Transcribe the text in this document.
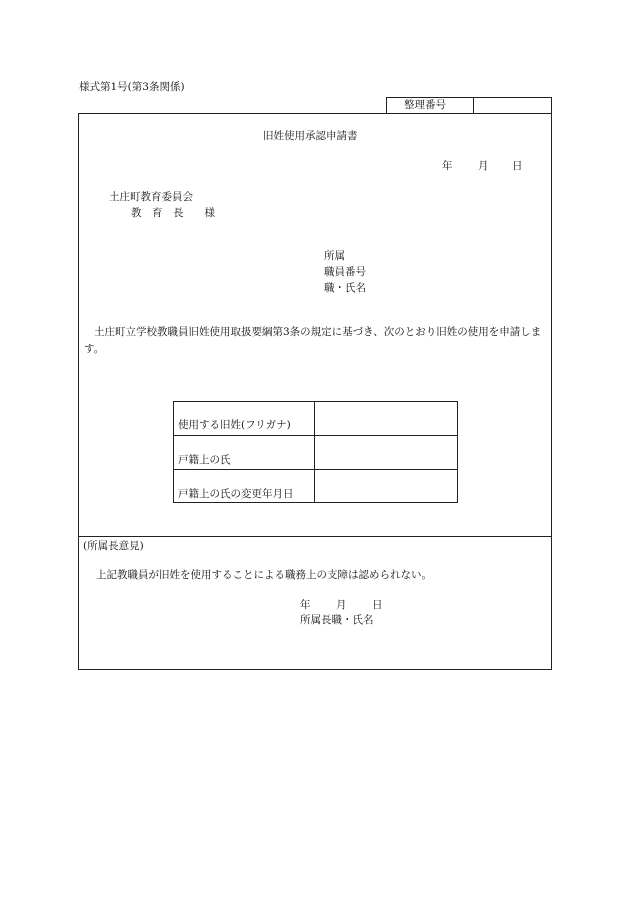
様式第1号(第3条関係)
整理番号
旧姓使用承認申請書
年 月 日
土庄町教育委員会
教　育　長　　様
所属
職員番号
職・氏名
土庄町立学校教職員旧姓使用取扱要綱第3条の規定に基づき、次のとおり旧姓の使用を申請します。
使用する旧姓(フリガナ)
戸籍上の氏
戸籍上の氏の変更年月日
(所属長意見)
上記教職員が旧姓を使用することによる職務上の支障は認められない。
年 月 日
所属長職・氏名
